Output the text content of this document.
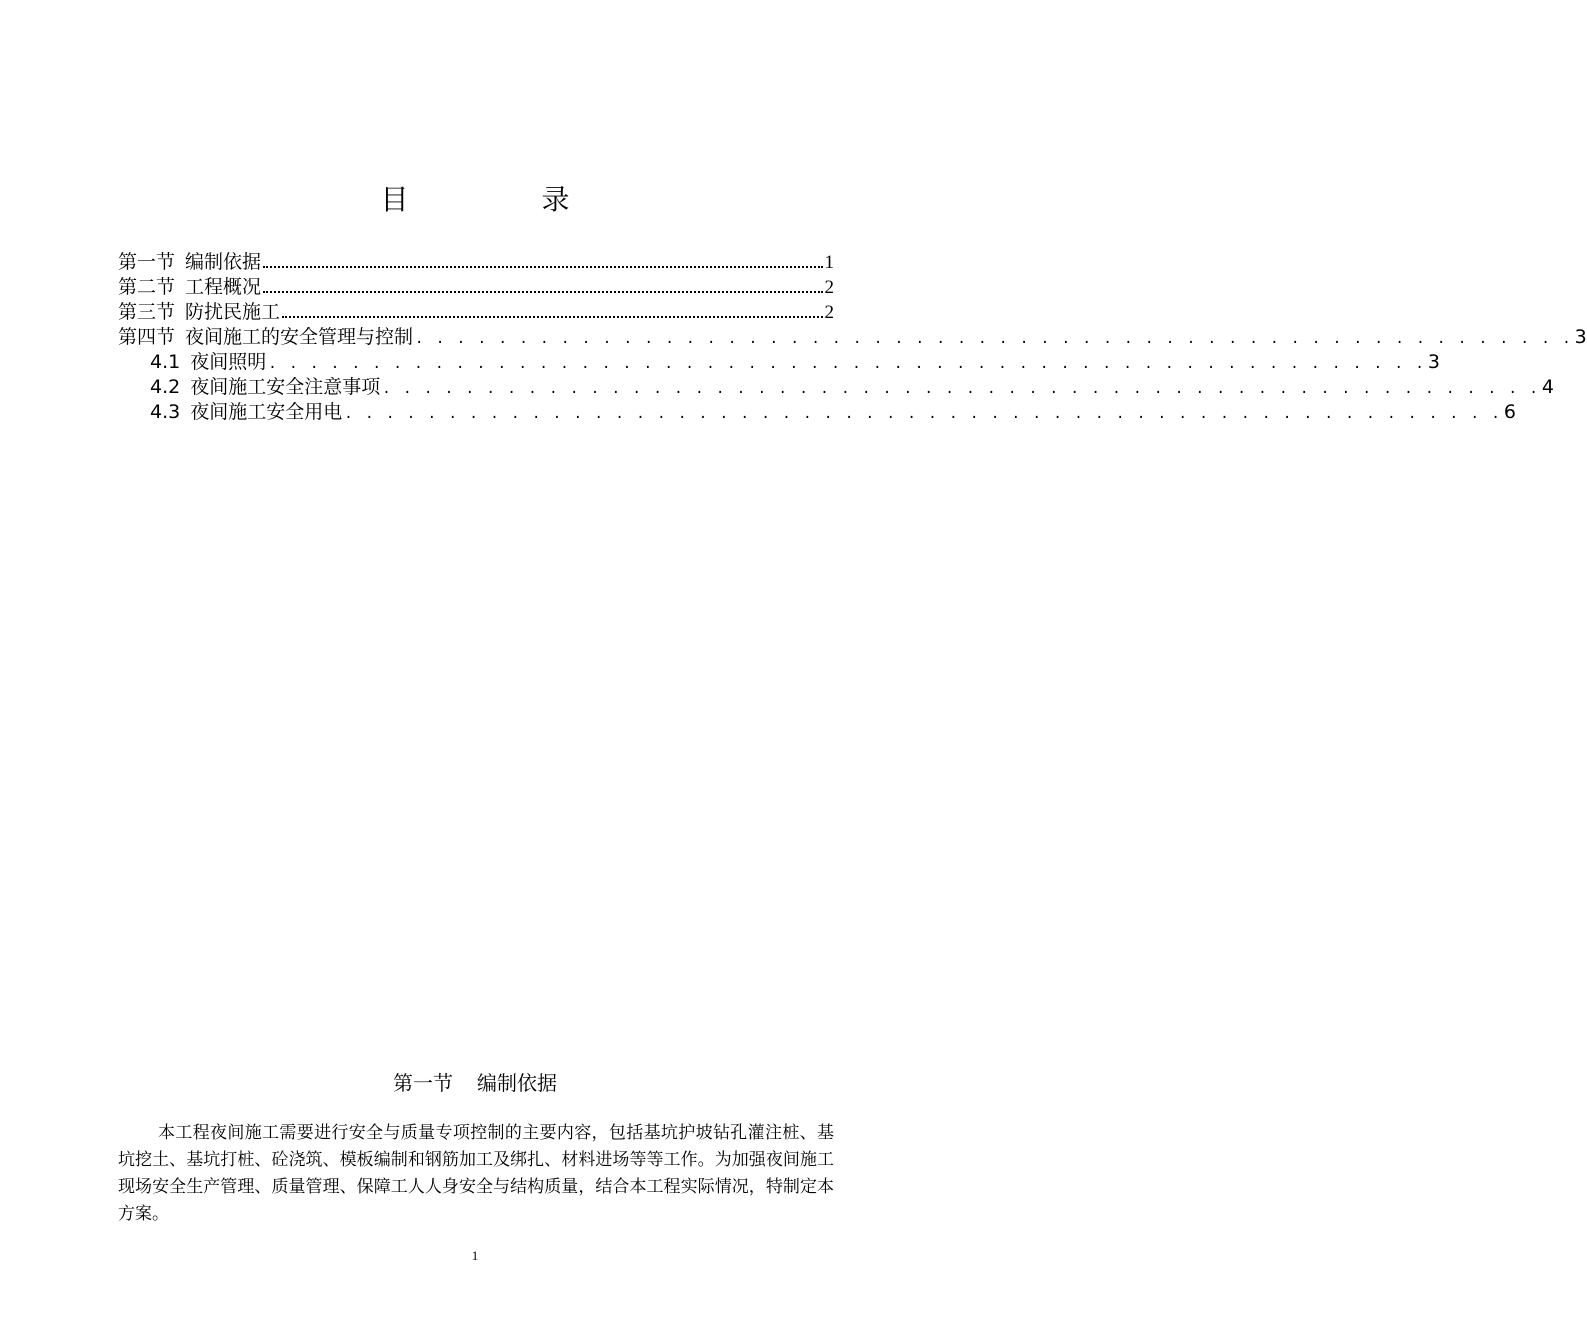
目 录
第一节 编制依据	1
第二节 工程概况	2
第三节 防扰民施工	2
第四节 夜间施工的安全管理与控制 . . . . . . . . . . . . . . . . . . . . . . . . . . . . . . . . . . . . . . . . . . . . . . . . . . . . . . . . 3
4.1 夜间照明 . . . . . . . . . . . . . . . . . . . . . . . . . . . . . . . . . . . . . . . . . . . . . . . . . . . . . . . . 3
4.2 夜间施工安全注意事项 . . . . . . . . . . . . . . . . . . . . . . . . . . . . . . . . . . . . . . . . . . . . . . . . . . . . . . . . 4
4.3 夜间施工安全用电 . . . . . . . . . . . . . . . . . . . . . . . . . . . . . . . . . . . . . . . . . . . . . . . . . . . . . . . . 6
第一节 编制依据
本工程夜间施工需要进行安全与质量专项控制的主要内容，包括基坑护坡钻孔灌注桩、基坑挖土、基坑打桩、砼浇筑、模板编制和钢筋加工及绑扎、材料进场等等工作。为加强夜间施工现场安全生产管理、质量管理、保障工人人身安全与结构质量，结合本工程实际情况，特制定本方案。
1
